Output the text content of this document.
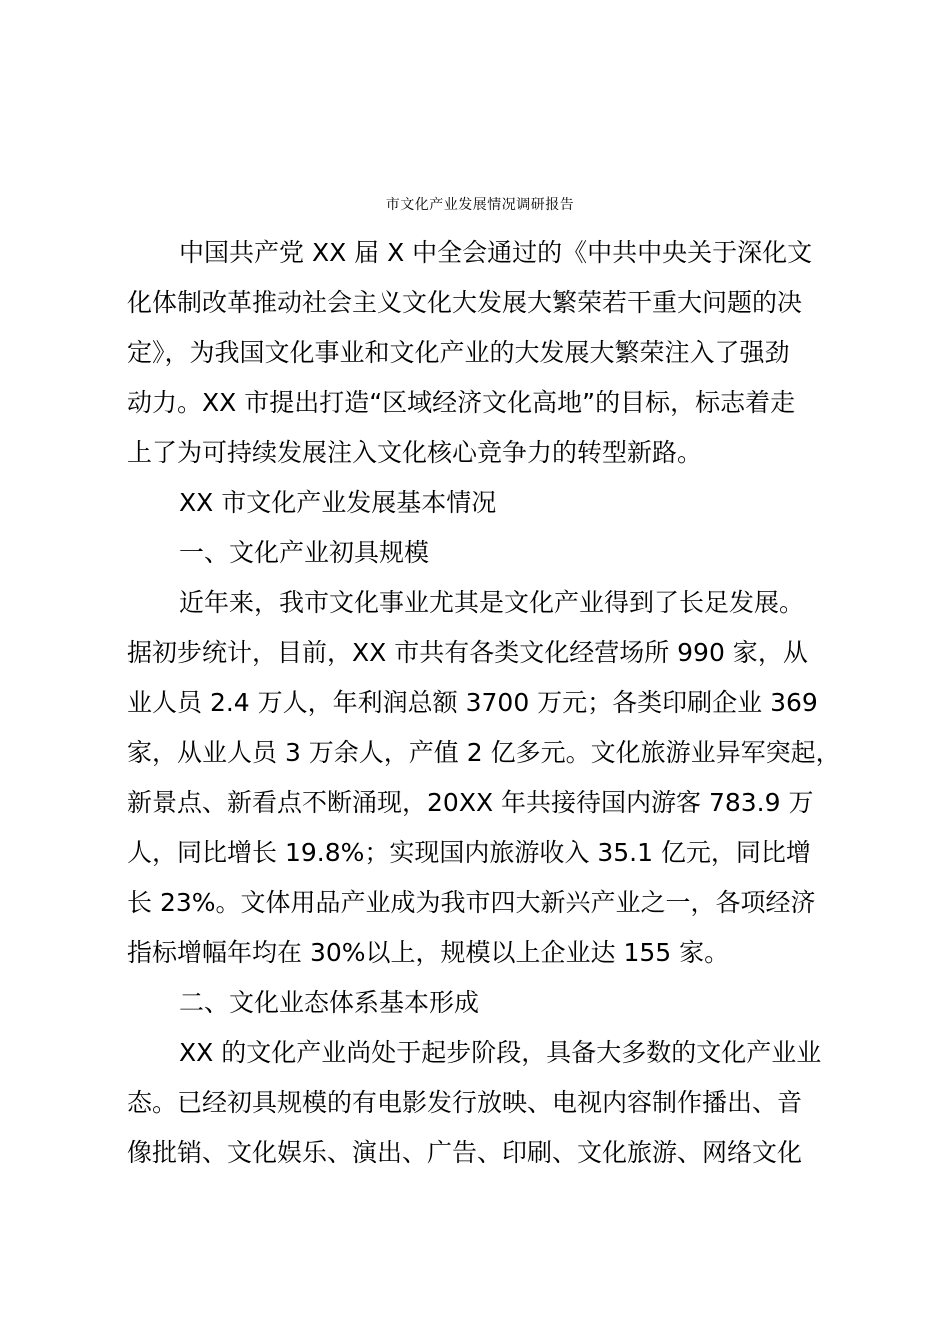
市文化产业发展情况调研报告

中国共产党 XX 届 X 中全会通过的《中共中央关于深化文

化体制改革推动社会主义文化大发展大繁荣若干重大问题的决

定》，为我国文化事业和文化产业的大发展大繁荣注入了强劲

动力。XX 市提出打造“区域经济文化高地”的目标，标志着走

上了为可持续发展注入文化核心竞争力的转型新路。

XX 市文化产业发展基本情况

一、文化产业初具规模

近年来，我市文化事业尤其是文化产业得到了长足发展。

据初步统计，目前，XX 市共有各类文化经营场所 990 家，从

业人员 2.4 万人，年利润总额 3700 万元；各类印刷企业 369

家，从业人员 3 万余人，产值 2 亿多元。文化旅游业异军突起，

新景点、新看点不断涌现，20XX 年共接待国内游客 783.9 万

人，同比增长 19.8%；实现国内旅游收入 35.1 亿元，同比增

长 23%。文体用品产业成为我市四大新兴产业之一，各项经济

指标增幅年均在 30%以上，规模以上企业达 155 家。

二、文化业态体系基本形成

XX 的文化产业尚处于起步阶段，具备大多数的文化产业业

态。已经初具规模的有电影发行放映、电视内容制作播出、音

像批销、文化娱乐、演出、广告、印刷、文化旅游、网络文化
